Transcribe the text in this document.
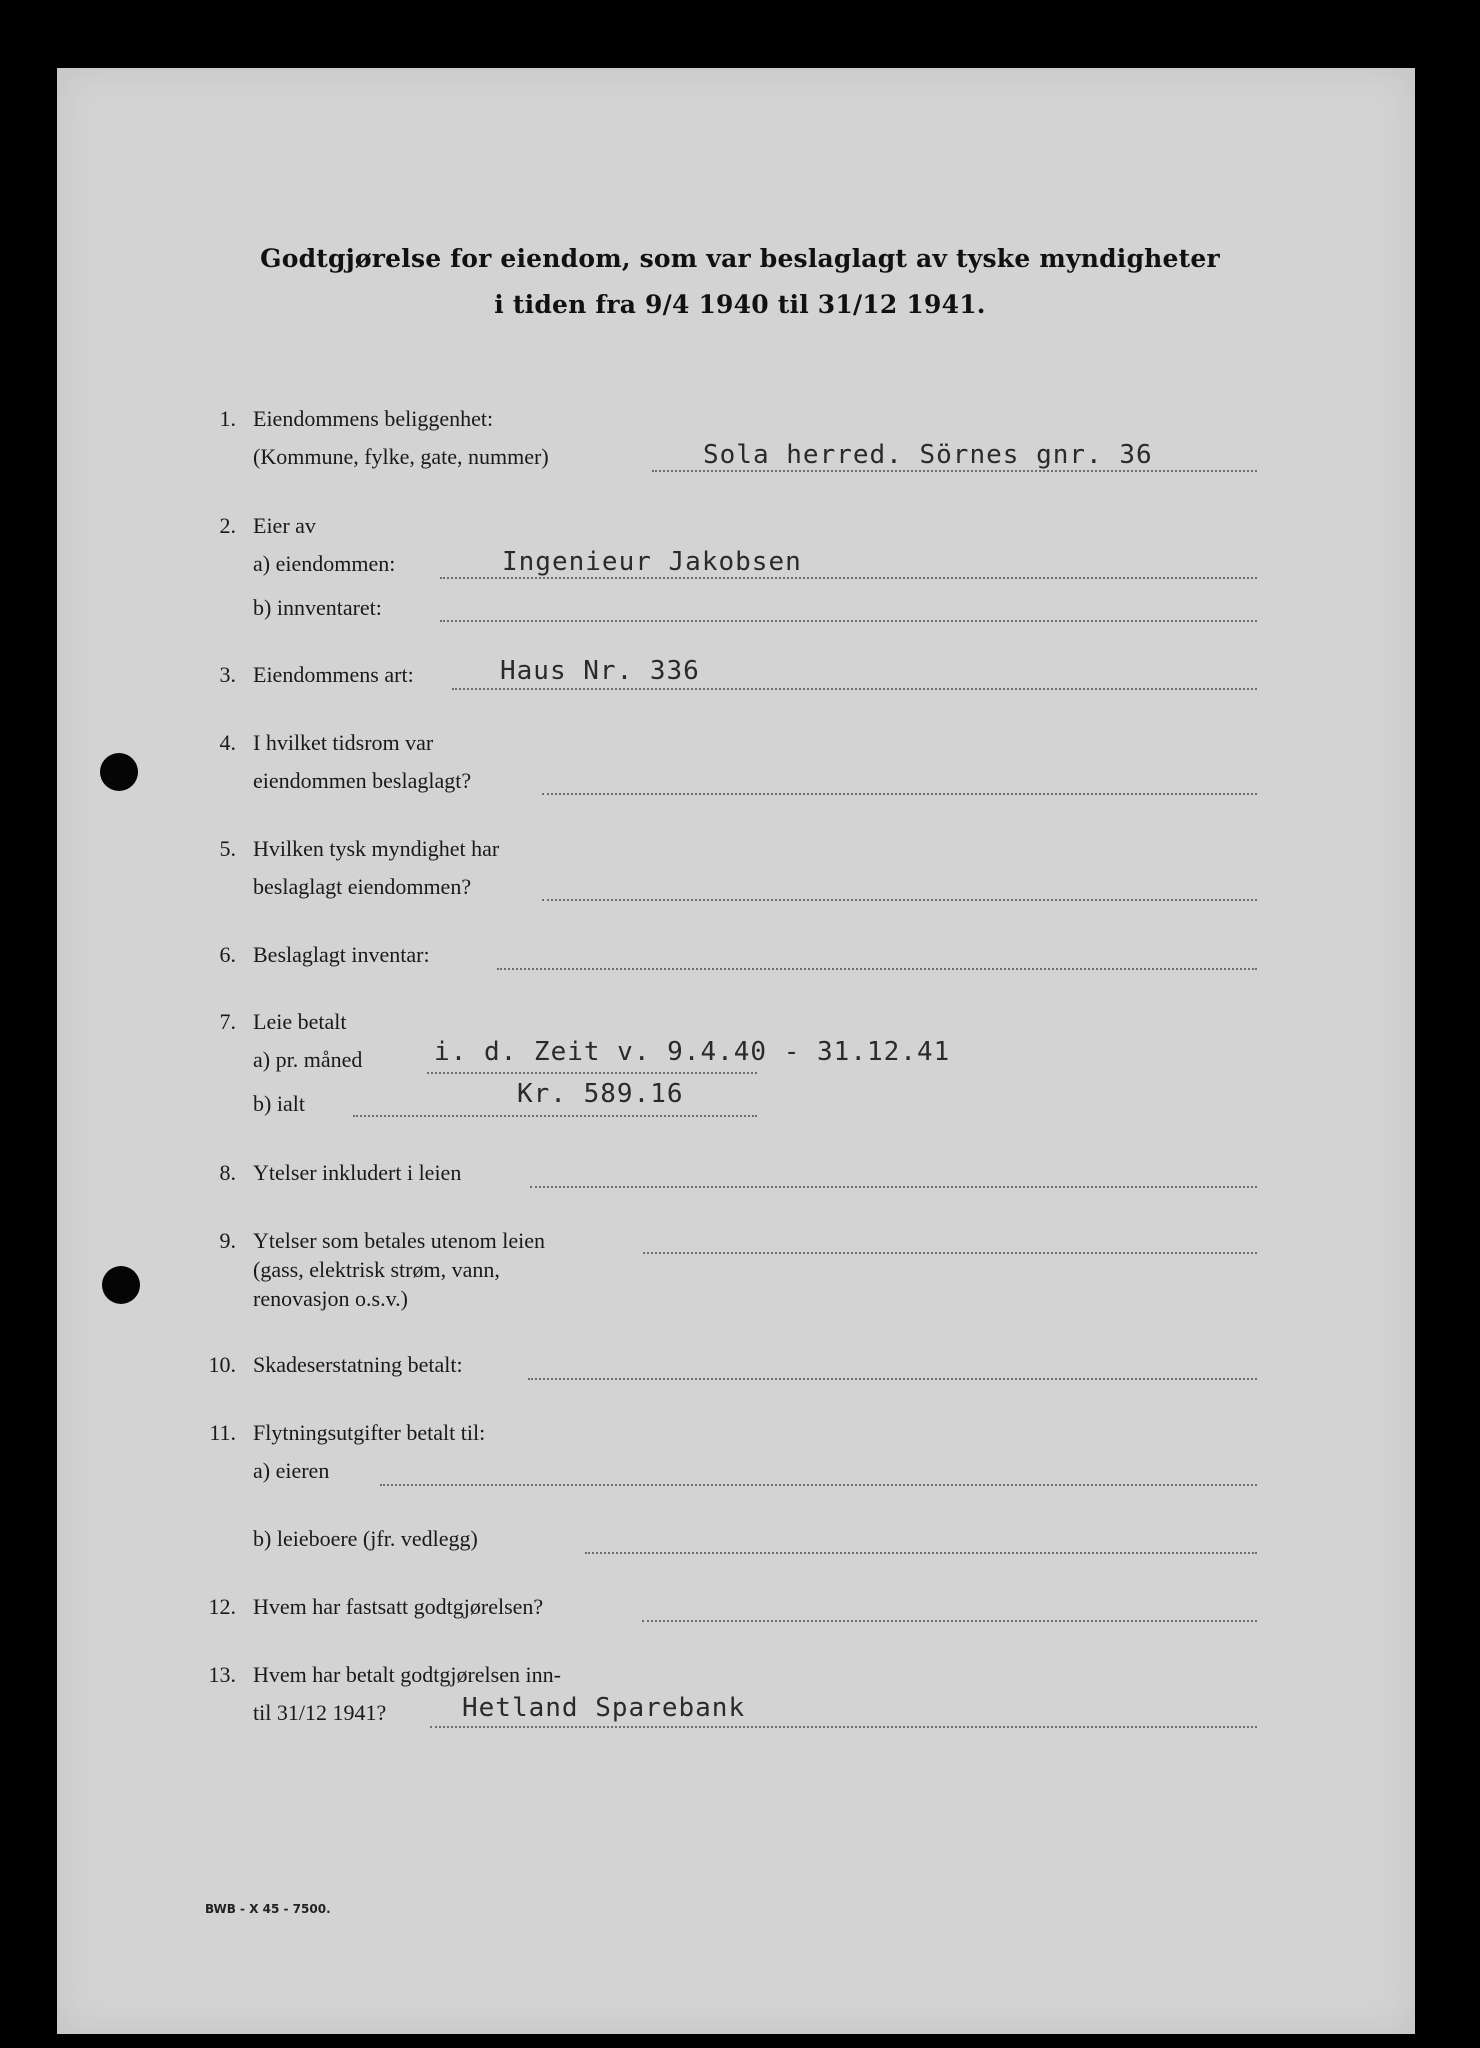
Godtgjørelse for eiendom, som var beslaglagt av tyske myndigheter
i tiden fra 9/4 1940 til 31/12 1941.
1. Eiendommens beliggenhet:
(Kommune, fylke, gate, nummer)	Sola herred. Sörnes gnr. 36
2. Eier av
a) eiendommen:	Ingenieur Jakobsen
b) innventaret:
3. Eiendommens art:	Haus Nr. 336
4. I hvilket tidsrom var
eiendommen beslaglagt?
5. Hvilken tysk myndighet har
beslaglagt eiendommen?
6. Beslaglagt inventar:
7. Leie betalt
a) pr. måned	i. d. Zeit v. 9.4.40 - 31.12.41
b) ialt	Kr. 589.16
8. Ytelser inkludert i leien
9. Ytelser som betales utenom leien
(gass, elektrisk strøm, vann,
renovasjon o.s.v.)
10. Skadeserstatning betalt:
11. Flytningsutgifter betalt til:
a) eieren
b) leieboere (jfr. vedlegg)
12. Hvem har fastsatt godtgjørelsen?
13. Hvem har betalt godtgjørelsen inn-
til 31/12 1941?	Hetland Sparebank
BWB - X 45 - 7500.
